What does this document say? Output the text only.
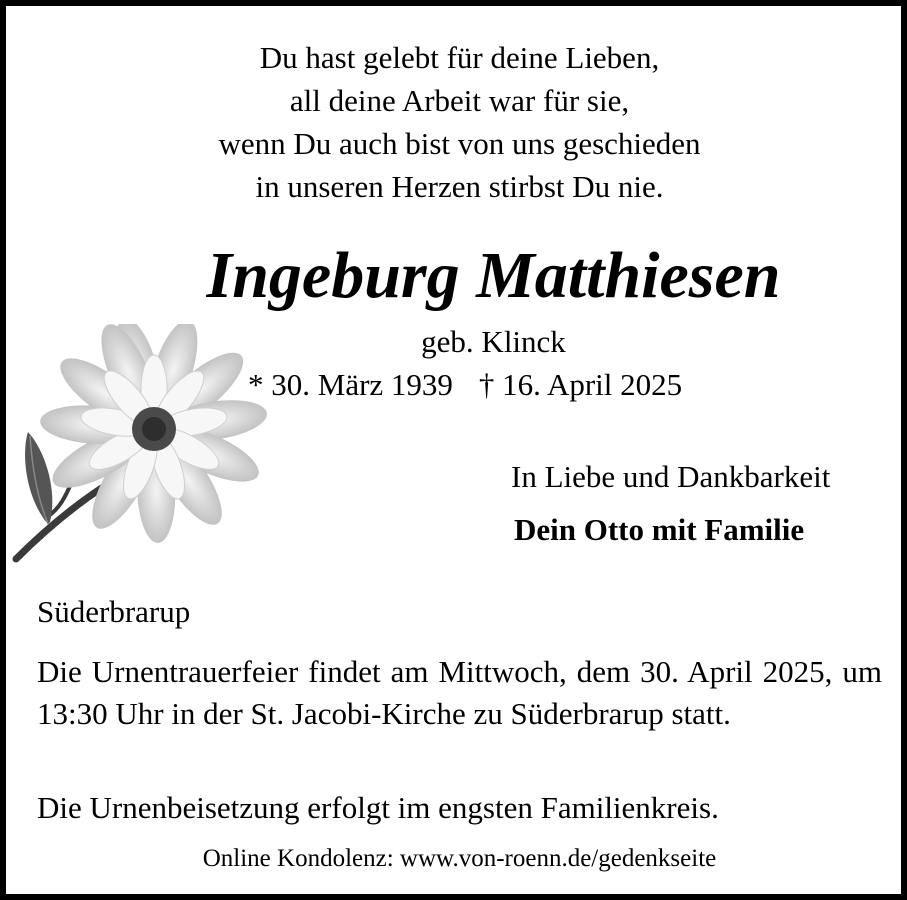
Du hast gelebt für deine Lieben,
all deine Arbeit war für sie,
wenn Du auch bist von uns geschieden
in unseren Herzen stirbst Du nie.
Ingeburg Matthiesen
geb. Klinck
* 30. März 1939 † 16. April 2025
In Liebe und Dankbarkeit
Dein Otto mit Familie
Süderbrarup
Die Urnentrauerfeier findet am Mittwoch, dem 30. April 2025, um 13:30 Uhr in der St. Jacobi-Kirche zu Süderbrarup statt.
Die Urnenbeisetzung erfolgt im engsten Familienkreis.
Online Kondolenz: www.von-roenn.de/gedenkseite
